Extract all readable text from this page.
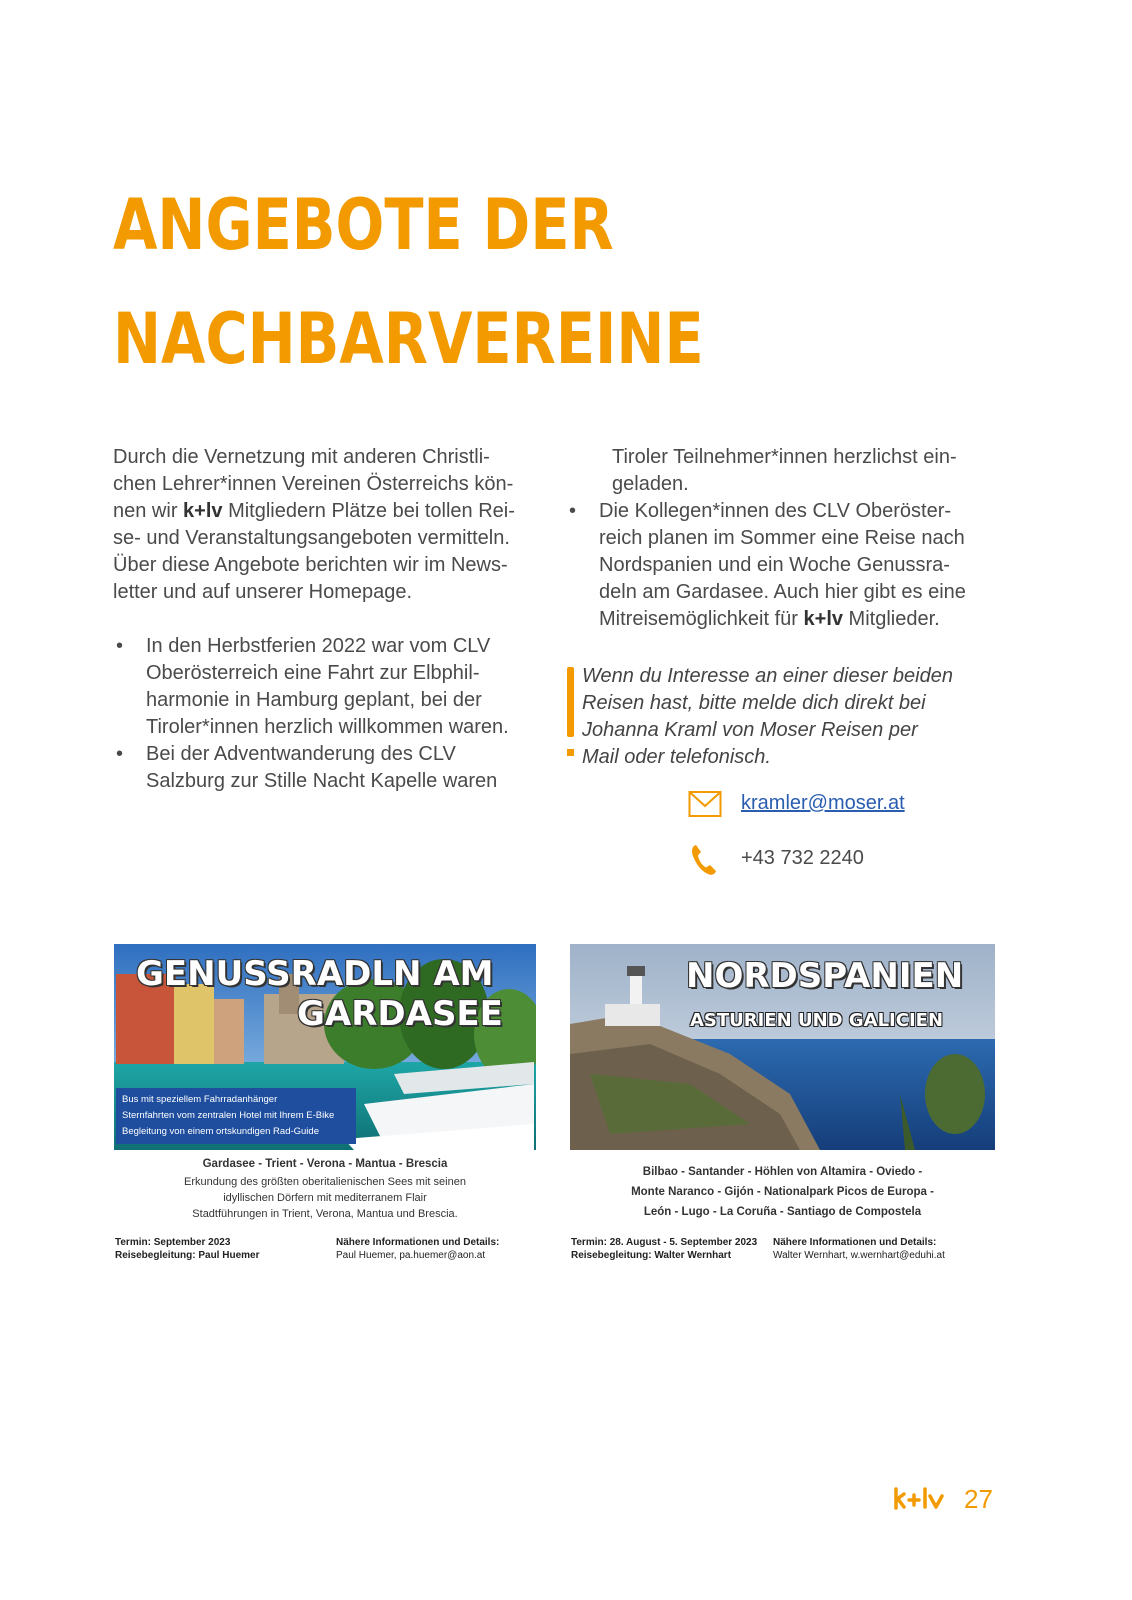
ANGEBOTE DER
NACHBARVEREINE

Durch die Vernetzung mit anderen Christli-
chen Lehrer*innen Vereinen Österreichs kön-
nen wir k+lv Mitgliedern Plätze bei tollen Rei-
se- und Veranstaltungsangeboten vermitteln.
Über diese Angebote berichten wir im News-
letter und auf unserer Homepage.

• In den Herbstferien 2022 war vom CLV
Oberösterreich eine Fahrt zur Elbphil-
harmonie in Hamburg geplant, bei der
Tiroler*innen herzlich willkommen waren.
• Bei der Adventwanderung des CLV
Salzburg zur Stille Nacht Kapelle waren

Tiroler Teilnehmer*innen herzlichst ein-
geladen.

• Die Kollegen*innen des CLV Oberöster-
reich planen im Sommer eine Reise nach
Nordspanien und ein Woche Genussra-
deln am Gardasee. Auch hier gibt es eine
Mitreisemöglichkeit für k+lv Mitglieder.

Wenn du Interesse an einer dieser beiden
Reisen hast, bitte melde dich direkt bei
Johanna Kraml von Moser Reisen per
Mail oder telefonisch.

kramler@moser.at
+43 732 2240
GENUSSRADLN AM
GARDASEE
Bus mit speziellem Fahrradanhänger
Sternfahrten vom zentralen Hotel mit Ihrem E-Bike
Begleitung von einem ortskundigen Rad-Guide
Gardasee - Trient - Verona - Mantua - Brescia
Erkundung des größten oberitalienischen Sees mit seinen
idyllischen Dörfern mit mediterranem Flair
Stadtführungen in Trient, Verona, Mantua und Brescia.
Termin: September 2023
Reisebegleitung: Paul Huemer
Nähere Informationen und Details:
Paul Huemer, pa.huemer@aon.at
NORDSPANIEN
ASTURIEN UND GALICIEN
Bilbao - Santander - Höhlen von Altamira - Oviedo -
Monte Naranco - Gijón - Nationalpark Picos de Europa -
León - Lugo - La Coruña - Santiago de Compostela
Termin: 28. August - 5. September 2023
Reisebegleitung: Walter Wernhart
Nähere Informationen und Details:
Walter Wernhart, w.wernhart@eduhi.at
27
